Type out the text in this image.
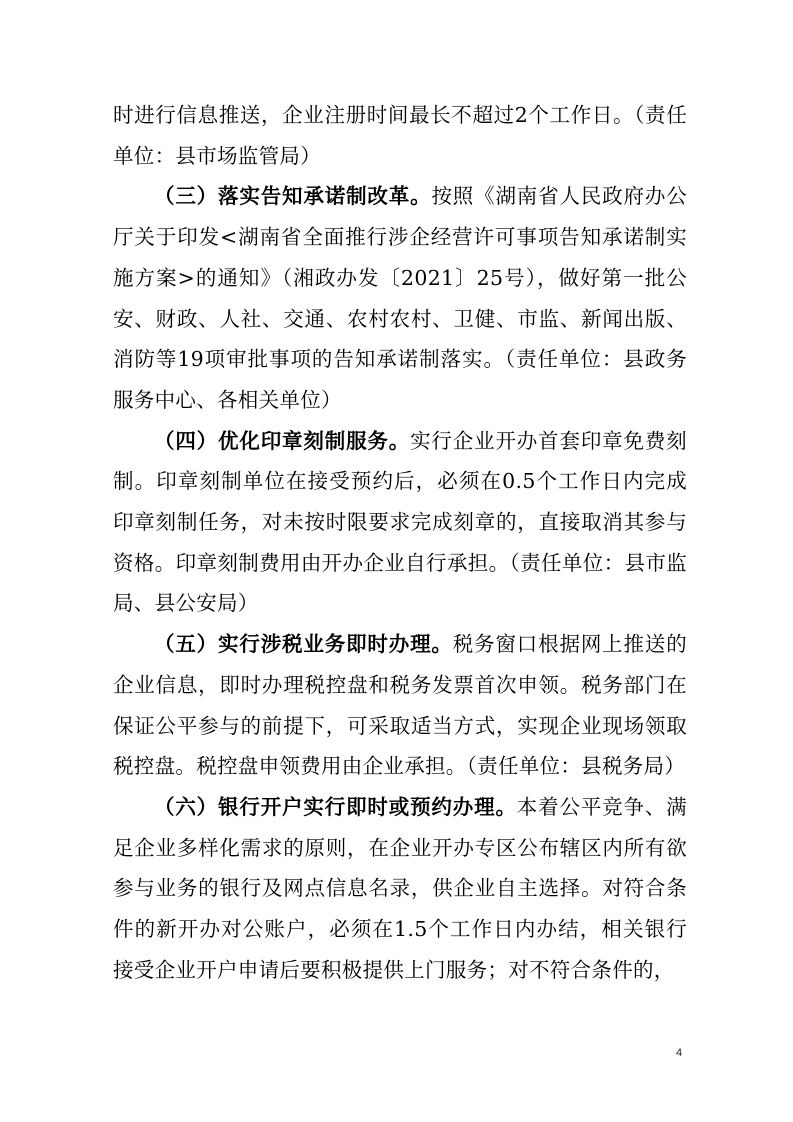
时进行信息推送，企业注册时间最长不超过2个工作日。（责任单位：县市场监管局）

（三）落实告知承诺制改革。按照《湖南省人民政府办公厅关于印发<湖南省全面推行涉企经营许可事项告知承诺制实施方案>的通知》（湘政办发〔2021〕25号），做好第一批公安、财政、人社、交通、农村农村、卫健、市监、新闻出版、消防等19项审批事项的告知承诺制落实。（责任单位：县政务服务中心、各相关单位）

（四）优化印章刻制服务。实行企业开办首套印章免费刻制。印章刻制单位在接受预约后，必须在0.5个工作日内完成印章刻制任务，对未按时限要求完成刻章的，直接取消其参与资格。印章刻制费用由开办企业自行承担。（责任单位：县市监局、县公安局）

（五）实行涉税业务即时办理。税务窗口根据网上推送的企业信息，即时办理税控盘和税务发票首次申领。税务部门在保证公平参与的前提下，可采取适当方式，实现企业现场领取税控盘。税控盘申领费用由企业承担。（责任单位：县税务局）

（六）银行开户实行即时或预约办理。本着公平竞争、满足企业多样化需求的原则，在企业开办专区公布辖区内所有欲参与业务的银行及网点信息名录，供企业自主选择。对符合条件的新开办对公账户，必须在1.5个工作日内办结，相关银行接受企业开户申请后要积极提供上门服务；对不符合条件的，

4
